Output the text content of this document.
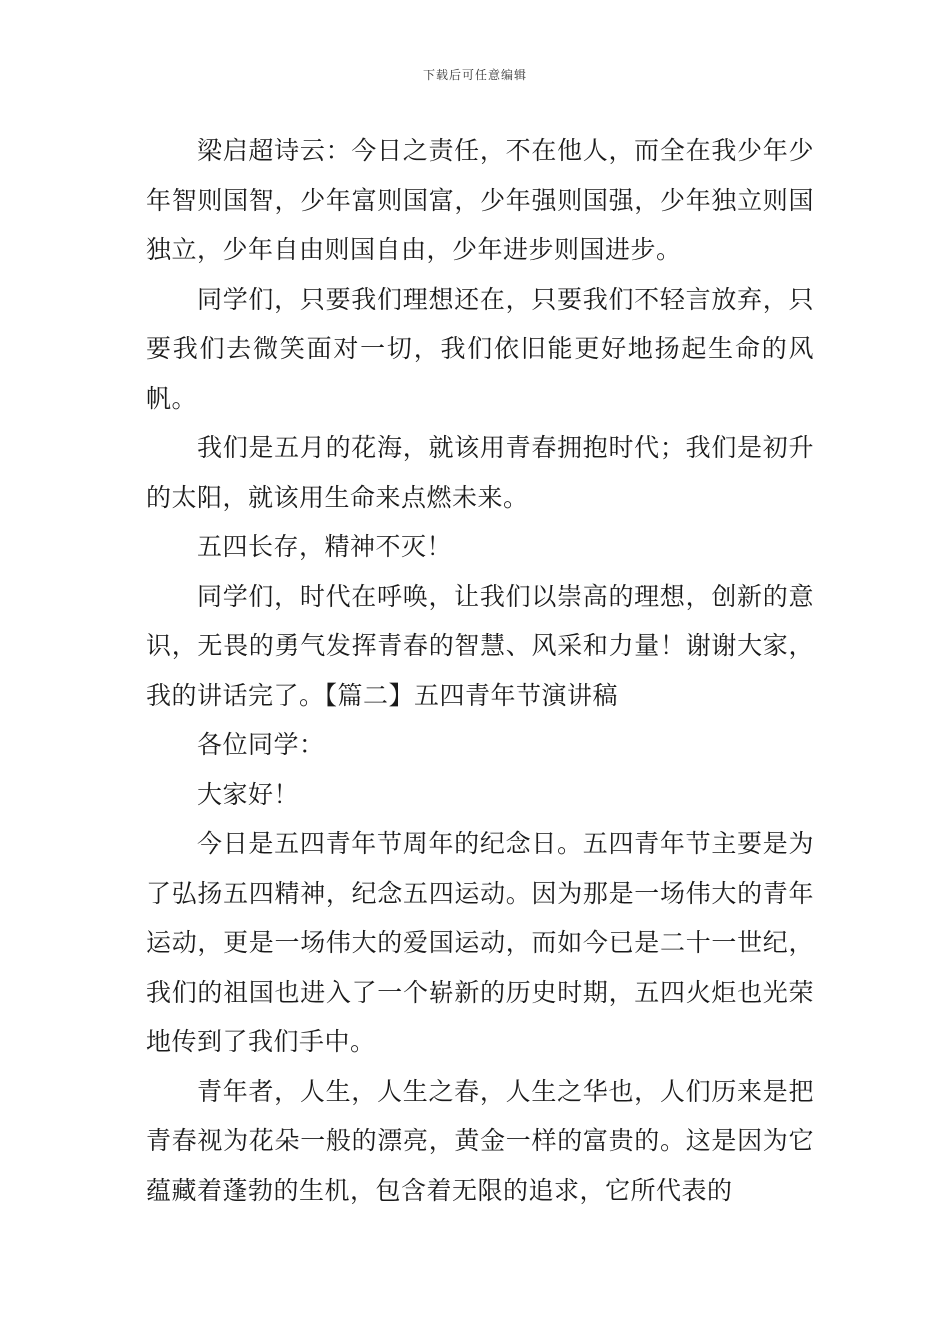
下载后可任意编辑

梁启超诗云：今日之责任，不在他人，而全在我少年少年智则国智，少年富则国富，少年强则国强，少年独立则国独立，少年自由则国自由，少年进步则国进步。

同学们，只要我们理想还在，只要我们不轻言放弃，只要我们去微笑面对一切，我们依旧能更好地扬起生命的风帆。

我们是五月的花海，就该用青春拥抱时代；我们是初升的太阳，就该用生命来点燃未来。

五四长存，精神不灭！

同学们，时代在呼唤，让我们以崇高的理想，创新的意识，无畏的勇气发挥青春的智慧、风采和力量！谢谢大家，我的讲话完了。【篇二】五四青年节演讲稿

各位同学：

大家好！

今日是五四青年节周年的纪念日。五四青年节主要是为了弘扬五四精神，纪念五四运动。因为那是一场伟大的青年运动，更是一场伟大的爱国运动，而如今已是二十一世纪，我们的祖国也进入了一个崭新的历史时期，五四火炬也光荣地传到了我们手中。

青年者，人生，人生之春，人生之华也，人们历来是把青春视为花朵一般的漂亮，黄金一样的富贵的。这是因为它蕴藏着蓬勃的生机，包含着无限的追求，它所代表的
